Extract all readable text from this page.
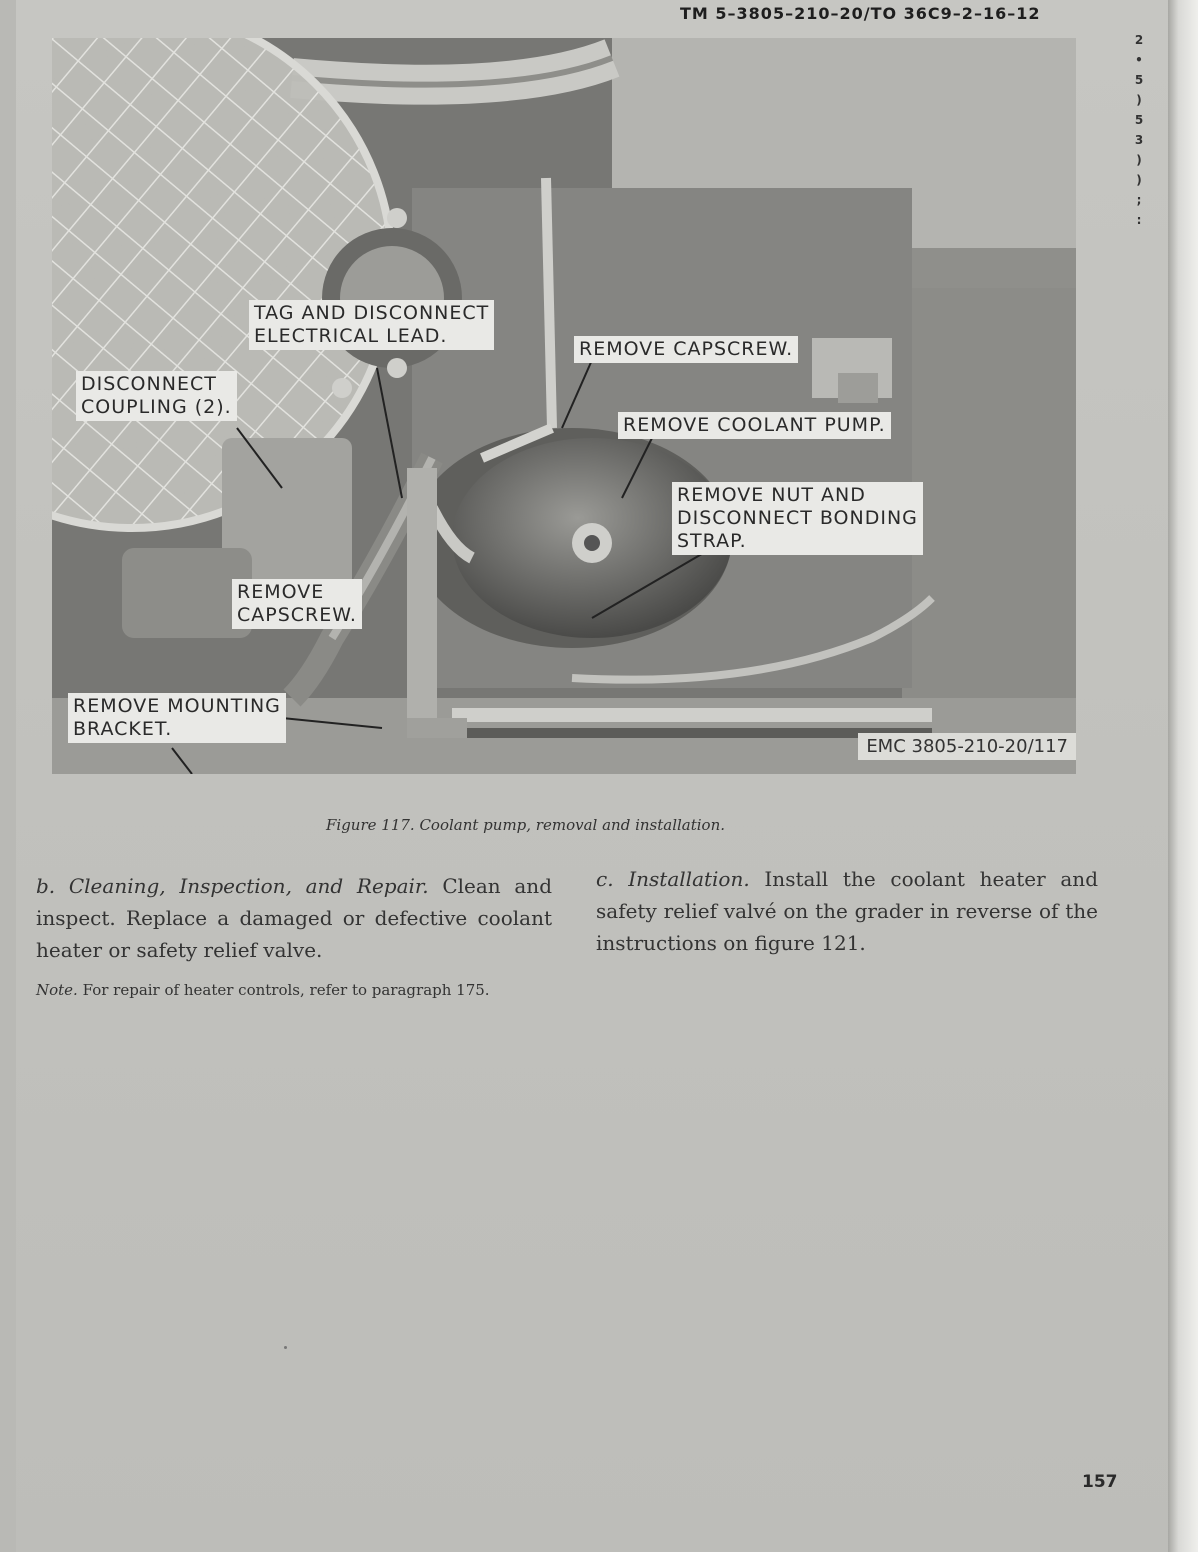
2
•
5
)
5
3
)
)
;
:
TM 5–3805–210–20/TO 36C9–2–16–12
TAG AND DISCONNECT
ELECTRICAL LEAD.
REMOVE CAPSCREW.
DISCONNECT
COUPLING (2).
REMOVE COOLANT PUMP.
REMOVE NUT AND
DISCONNECT BONDING
STRAP.
REMOVE
CAPSCREW.
REMOVE MOUNTING
BRACKET.
EMC 3805-210-20/117
Figure 117. Coolant pump, removal and installation.
b. Cleaning, Inspection, and Repair. Clean and inspect. Replace a damaged or defective coolant heater or safety relief valve.
Note. For repair of heater controls, refer to paragraph 175.
c. Installation. Install the coolant heater and safety relief valvé on the grader in reverse of the instructions on figure 121.
157
